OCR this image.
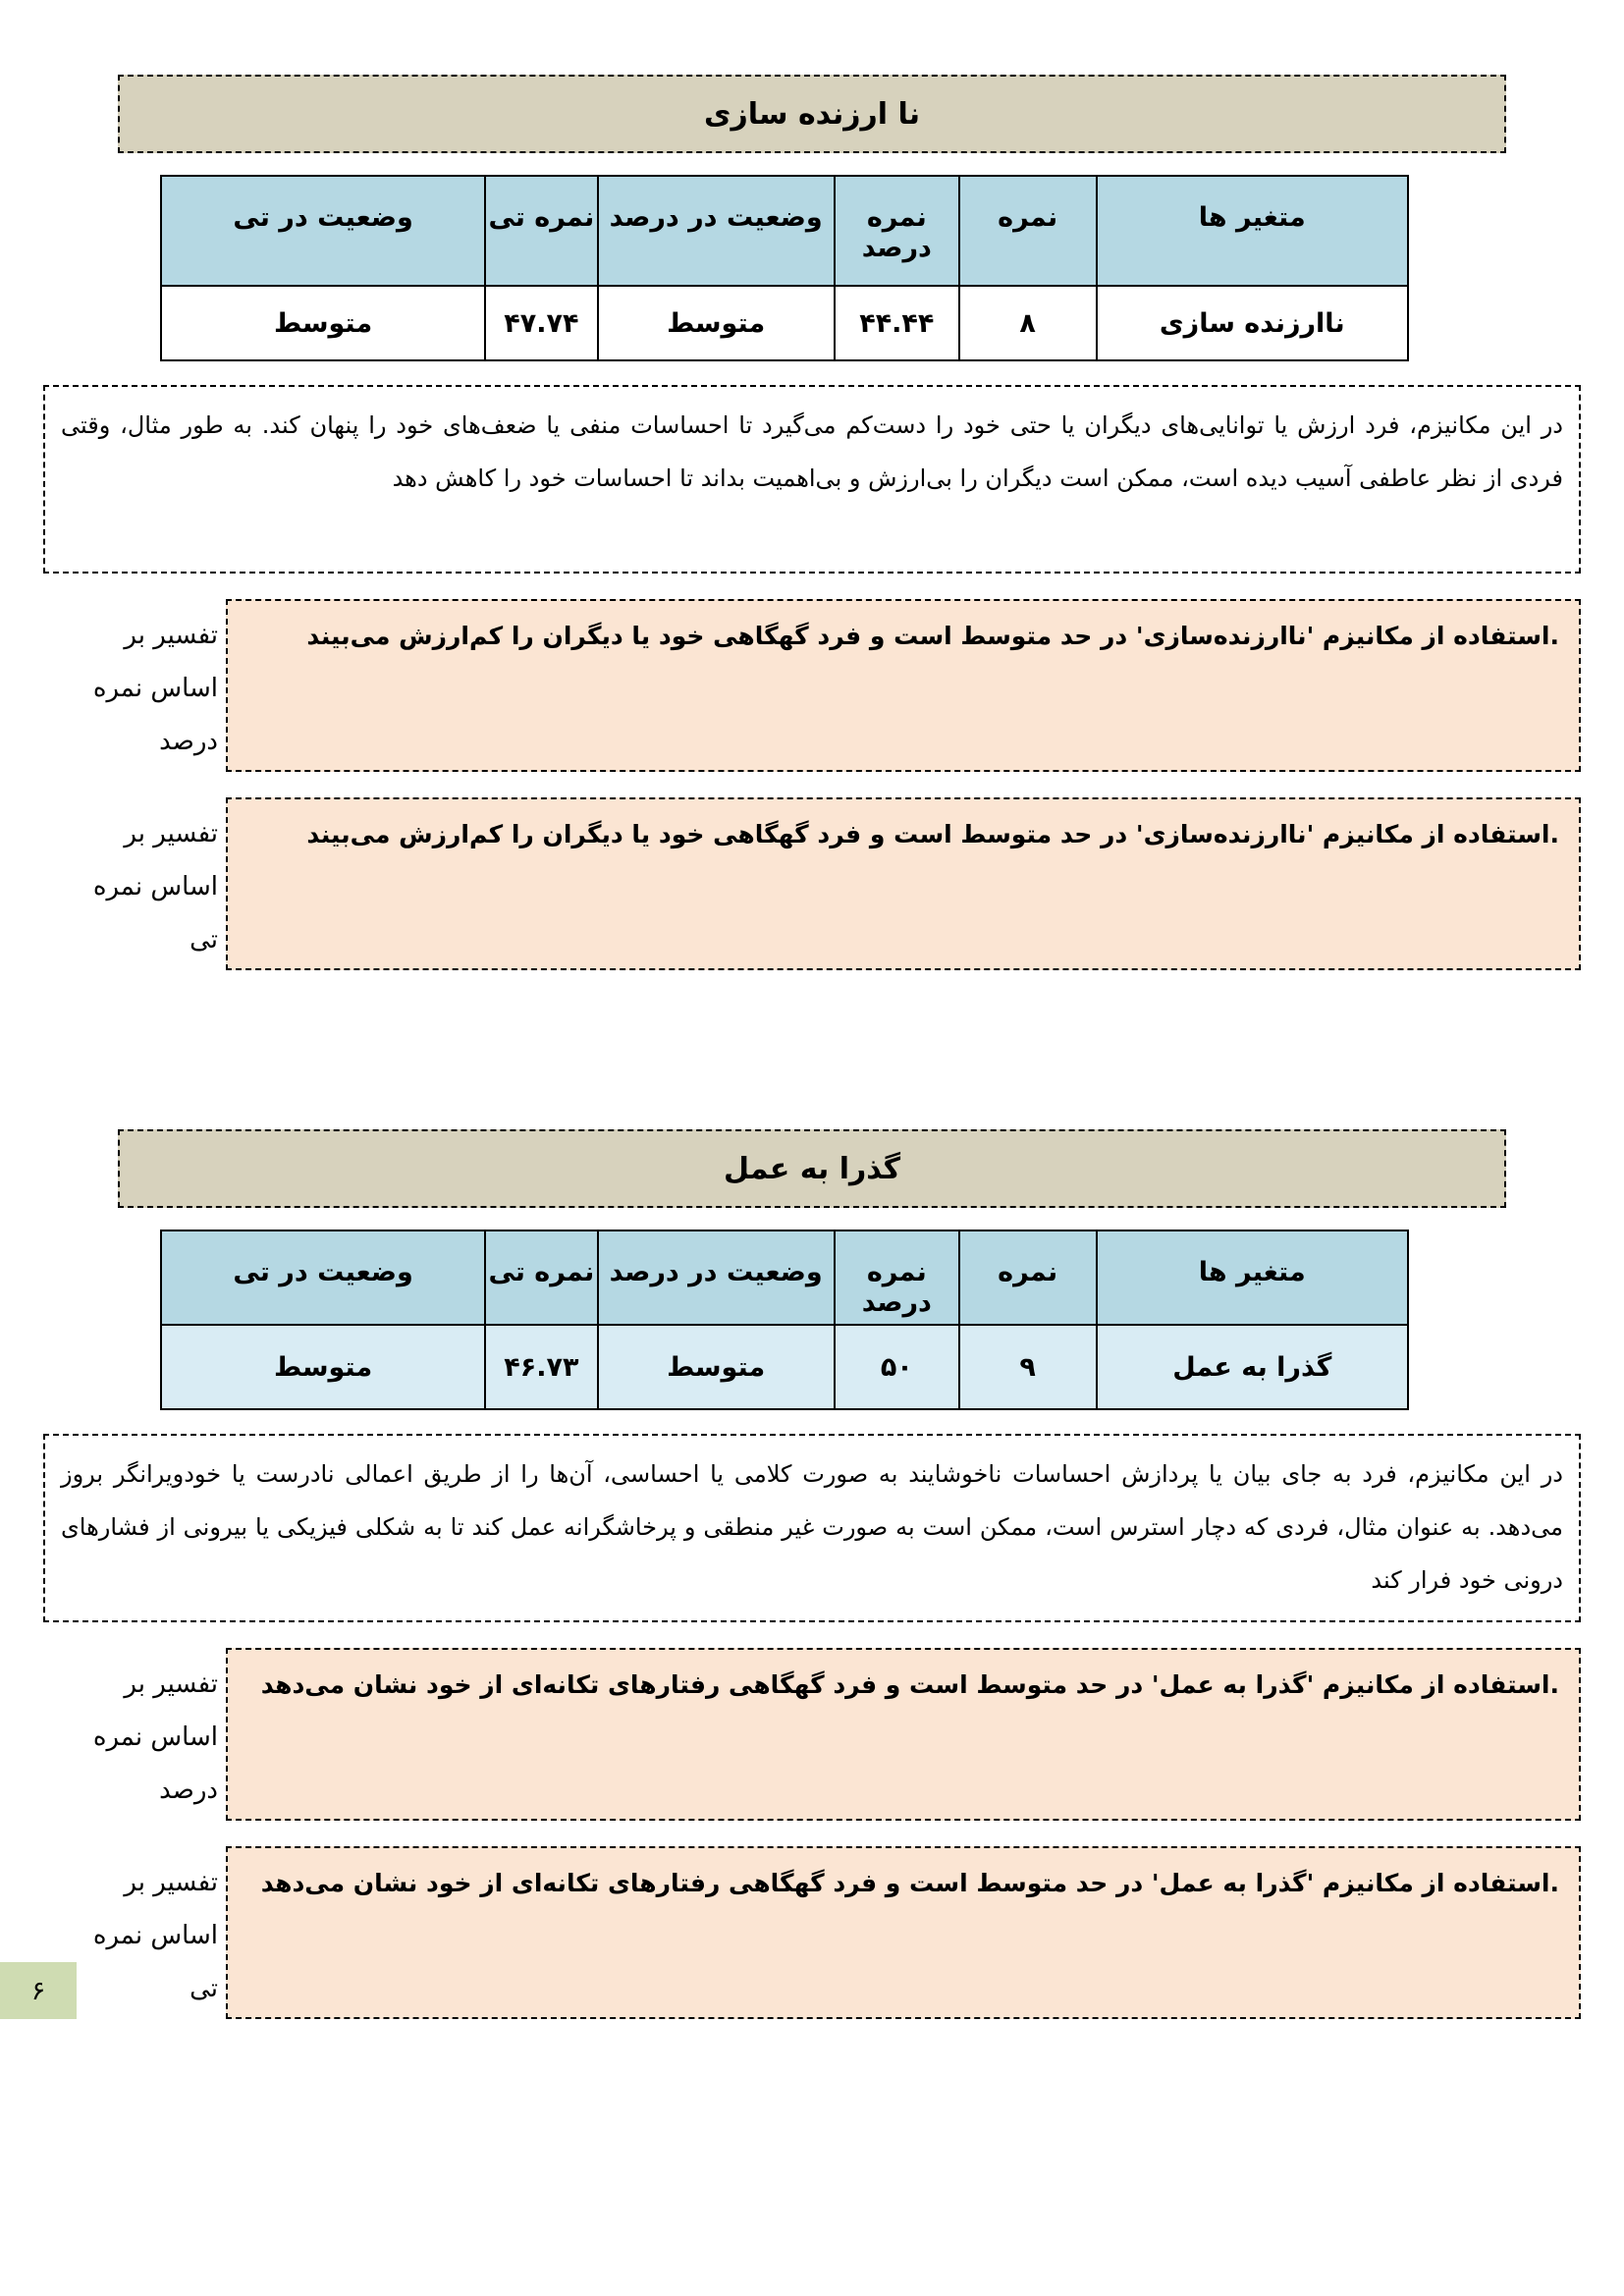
نا ارزنده سازی
متغیر ها	نمره	نمره درصد	وضعیت در درصد	نمره تی	وضعیت در تی
ناارزنده سازی	۸	۴۴.۴۴	متوسط	۴۷.۷۴	متوسط

در این مکانیزم، فرد ارزش یا توانایی‌های دیگران یا حتی خود را دست‌کم می‌گیرد تا احساسات منفی یا ضعف‌های خود را پنهان کند. به طور مثال، وقتی فردی از نظر عاطفی آسیب دیده است، ممکن است دیگران را بی‌ارزش و بی‌اهمیت بداند تا احساسات خود را کاهش دهد

.استفاده از مکانیزم 'ناارزنده‌سازی' در حد متوسط است و فرد گهگاهی خود یا دیگران را کم‌ارزش می‌بیند

تفسیر بر
اساس نمره
درصد

.استفاده از مکانیزم 'ناارزنده‌سازی' در حد متوسط است و فرد گهگاهی خود یا دیگران را کم‌ارزش می‌بیند

تفسیر بر
اساس نمره
تی
گذرا به عمل
متغیر ها	نمره	نمره درصد	وضعیت در درصد	نمره تی	وضعیت در تی
گذرا به عمل	۹	۵۰	متوسط	۴۶.۷۳	متوسط

در این مکانیزم، فرد به جای بیان یا پردازش احساسات ناخوشایند به صورت کلامی یا احساسی، آن‌ها را از طریق اعمالی نادرست یا خودویرانگر بروز می‌دهد. به عنوان مثال، فردی که دچار استرس است، ممکن است به صورت غیر منطقی و پرخاشگرانه عمل کند تا به شکلی فیزیکی یا بیرونی از فشارهای درونی خود فرار کند

.استفاده از مکانیزم 'گذرا به عمل' در حد متوسط است و فرد گهگاهی رفتارهای تکانه‌ای از خود نشان می‌دهد

تفسیر بر
اساس نمره
درصد

.استفاده از مکانیزم 'گذرا به عمل' در حد متوسط است و فرد گهگاهی رفتارهای تکانه‌ای از خود نشان می‌دهد

تفسیر بر
اساس نمره
تی
۶
